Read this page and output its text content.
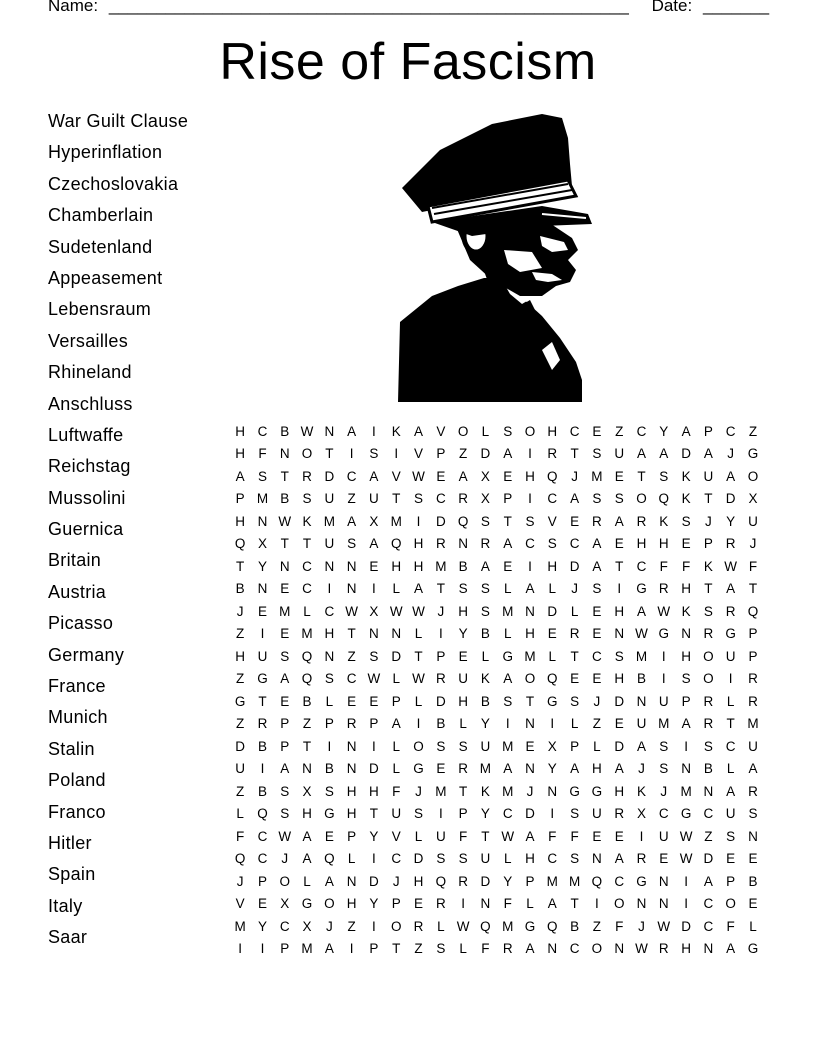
Name: _______________________________________________________ Date: _______
Rise of Fascism
War Guilt Clause
Hyperinflation
Czechoslovakia
Chamberlain
Sudetenland
Appeasement
Lebensraum
Versailles
Rhineland
Anschluss
Luftwaffe
Reichstag
Mussolini
Guernica
Britain
Austria
Picasso
Germany
France
Munich
Stalin
Poland
Franco
Hitler
Spain
Italy
Saar
H C B W N A	I	K A V O L	S O H C E	Z C Y A P C Z
H F N O T	I	S	I	V P	Z D A	I	R T	S U A A D A	J	G
A S	T R D C A V W E A X E H Q	J M E	T	S K U A O
P M B S U Z U T	S C R X P	I	C A S S O Q K	T D X
H N W K M A X M	I	D Q S	T	S V E R A R K S	J	Y U
Q X	T	T U S A Q H R N R A C S C A E H H E P R	J
T	Y N C N N E H H M B A E	I	H D A	T C F	F	K W F
B N E C	I	N	I	L	A	T	S S	L	A	L	J	S	I	G R H T	A	T
J	E M L	C W X W W J	H S M N D	L	E H A W K S R Q
Z	I	E M H T N N	L	I	Y B	L	H E R E N W G N R G P
H U S Q N Z	S D T	P E	L G M L	T C S M	I	H O U P
Z G A Q S C W L W R U K A O Q E E H B	I	S O	I	R
G T	E B	L	E E P	L	D H B S	T G S	J	D N U P R	L	R
Z R P	Z	P R P A	I	B	L	Y	I	N	I	L	Z	E U M A R T M
D B P	T	I	N	I	L O S S U M E X P	L	D A S	I	S C U
U	I	A N B N D	L G E R M A N Y A H A	J	S N B	L	A
Z	B S X S H H F	J M T	K M J	N G G H K	J M N A R
L Q S H G H T U S	I	P Y C D	I	S U R X C G C U S
F C W A E P Y V	L	U F	T W A	F	F	E E	I	U W Z	S N
Q C	J	A Q L	I	C D S S U	L	H C S N A R E W D E E
J	P O L	A N D	J	H Q R D Y P M M Q C G N	I	A P B
V E X G O H Y P E R	I	N F	L	A	T	I	O N N	I	C O E
M Y C X	J	Z	I	O R	L W Q M G Q B	Z	F	J W D C F	L
I	I	P M A	I	P	T	Z	S	L	F R A N C O N W R H N A G
